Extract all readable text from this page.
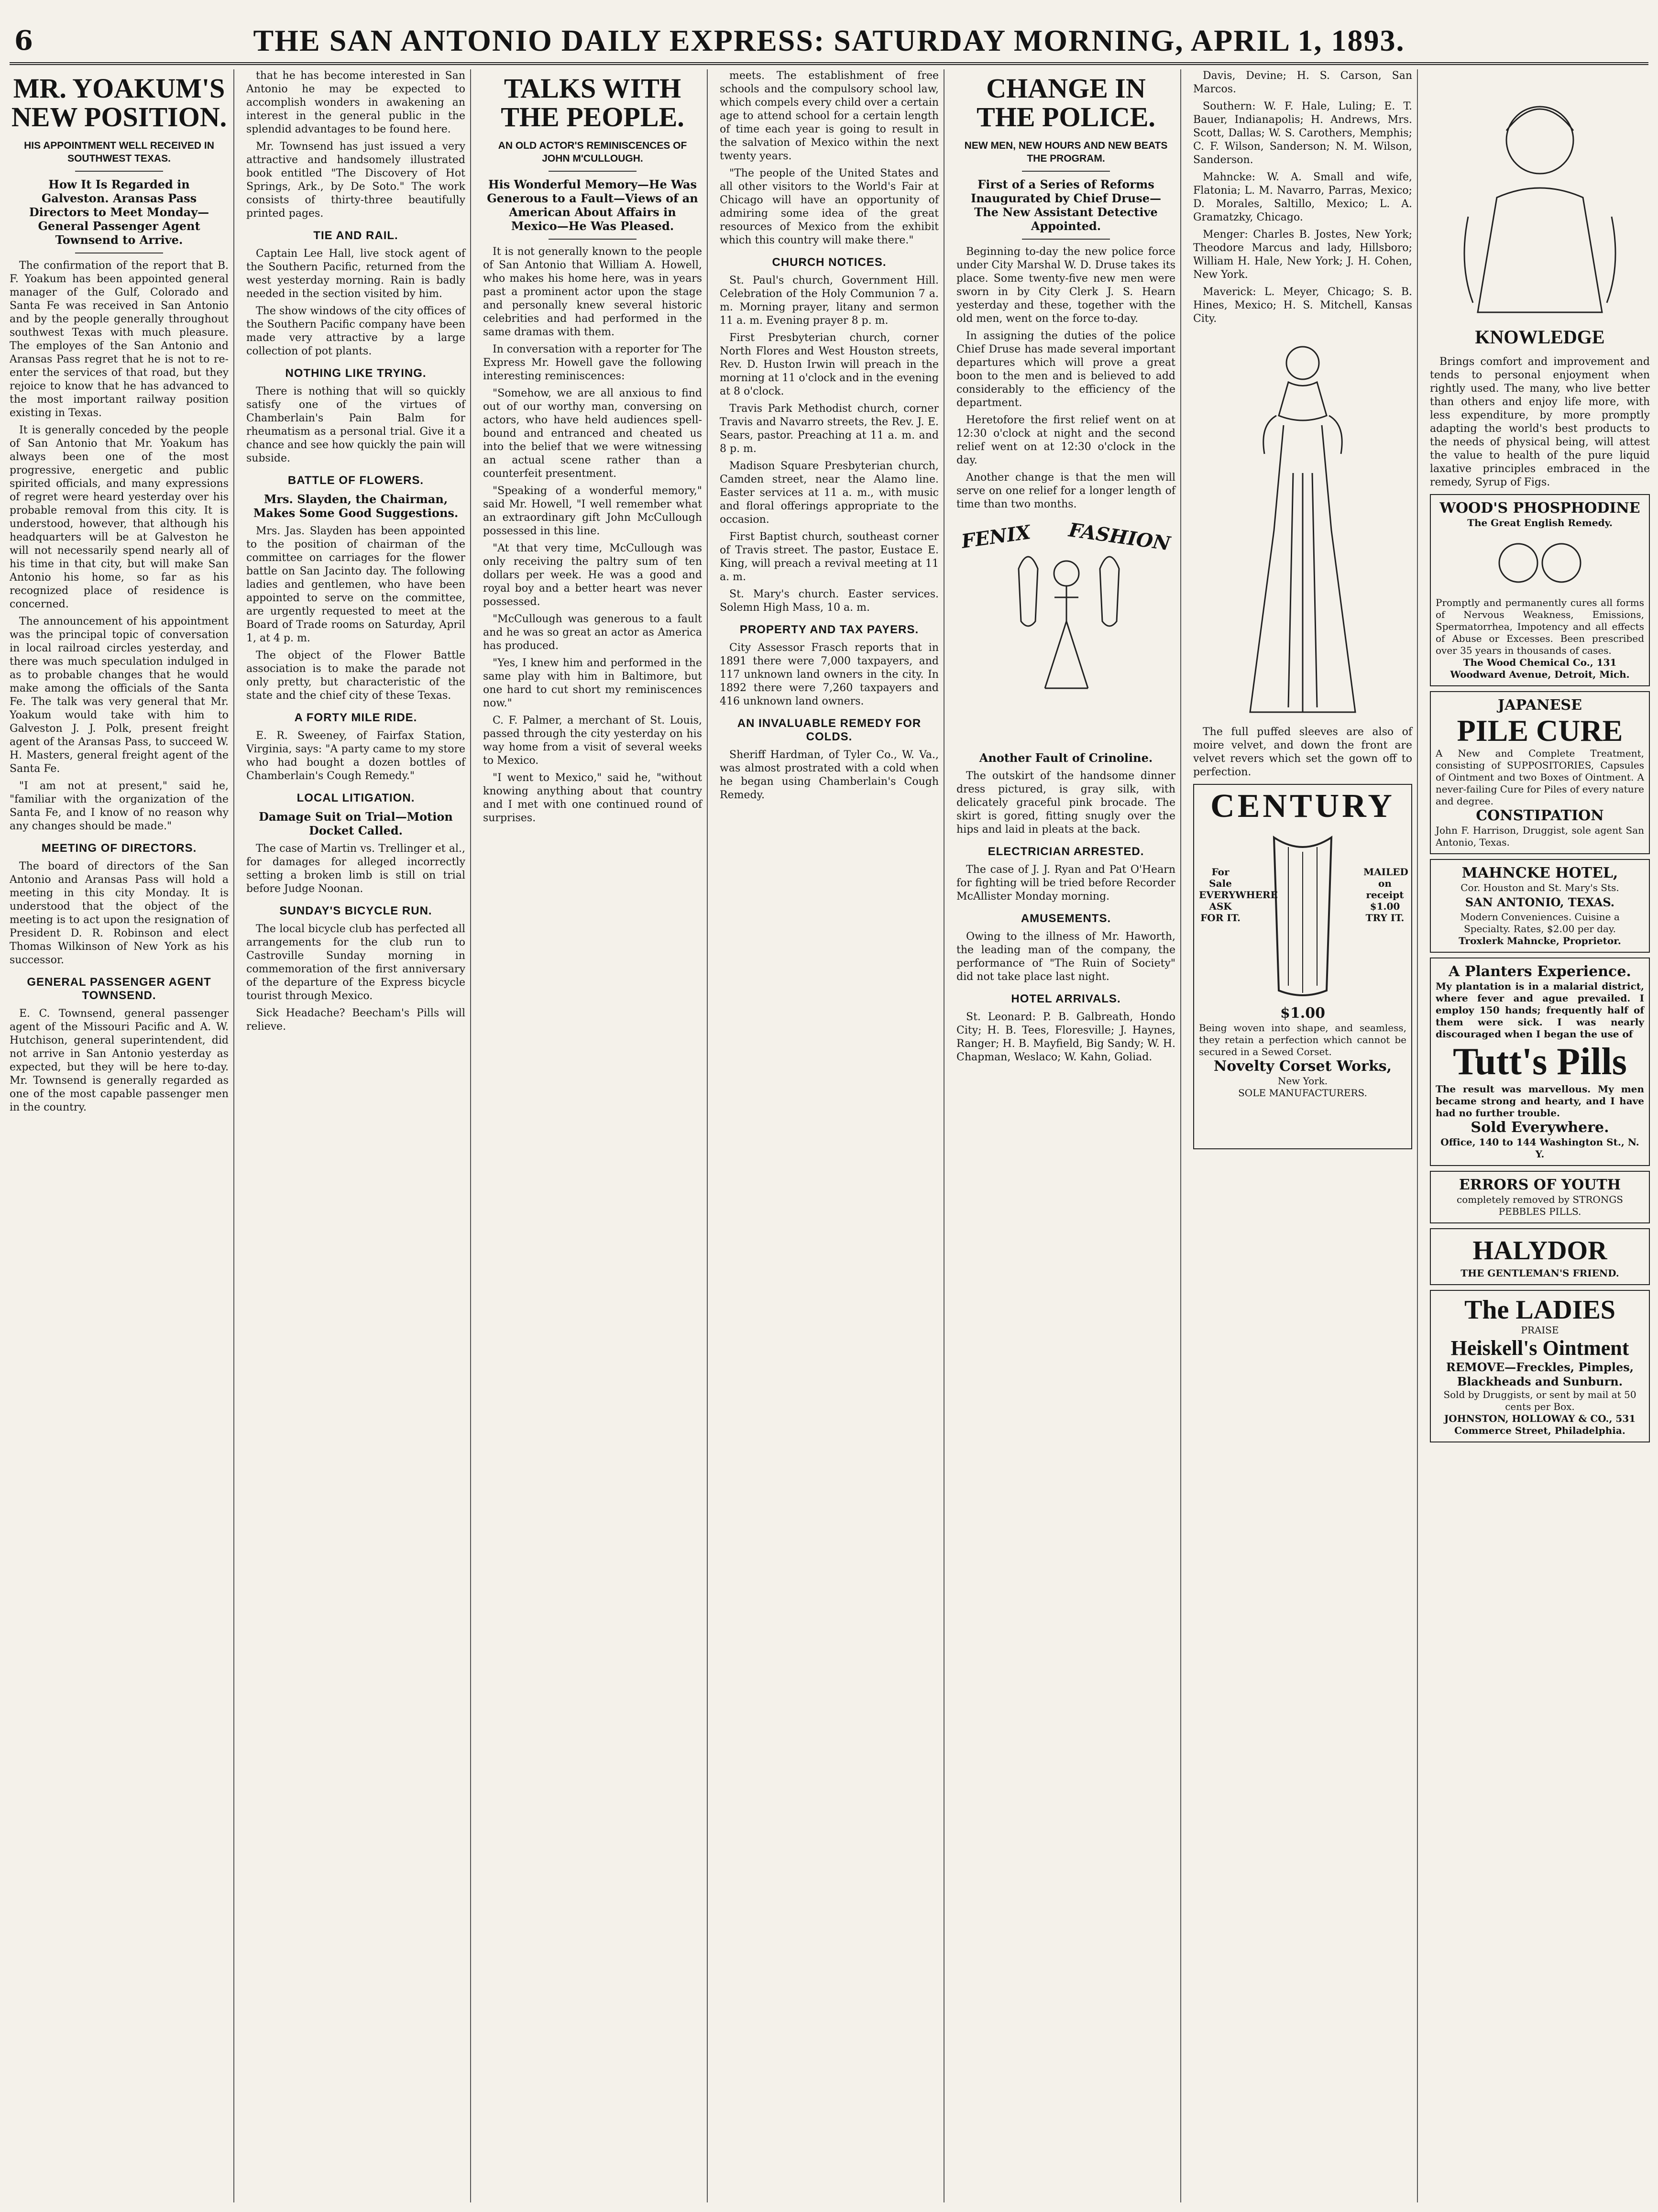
6	THE SAN ANTONIO DAILY EXPRESS: SATURDAY MORNING, APRIL 1, 1893.
MR. YOAKUM'S NEW POSITION.
HIS APPOINTMENT WELL RECEIVED IN SOUTHWEST TEXAS.
How It Is Regarded in Galveston. Aransas Pass Directors to Meet Monday—General Passenger Agent Townsend to Arrive.

The confirmation of the report that B. F. Yoakum has been appointed general manager of the Gulf, Colorado and Santa Fe was received in San Antonio and by the people generally throughout southwest Texas with much pleasure. The employes of the San Antonio and Aransas Pass regret that he is not to re-enter the services of that road, but they rejoice to know that he has advanced to the most important railway position existing in Texas.

It is generally conceded by the people of San Antonio that Mr. Yoakum has always been one of the most progressive, energetic and public spirited officials, and many expressions of regret were heard yesterday over his probable removal from this city. It is understood, however, that although his headquarters will be at Galveston he will not necessarily spend nearly all of his time in that city, but will make San Antonio his home, so far as his recognized place of residence is concerned.

The announcement of his appointment was the principal topic of conversation in local railroad circles yesterday, and there was much speculation indulged in as to probable changes that he would make among the officials of the Santa Fe. The talk was very general that Mr. Yoakum would take with him to Galveston J. J. Polk, present freight agent of the Aransas Pass, to succeed W. H. Masters, general freight agent of the Santa Fe.

"I am not at present," said he, "familiar with the organization of the Santa Fe, and I know of no reason why any changes should be made."

MEETING OF DIRECTORS.

The board of directors of the San Antonio and Aransas Pass will hold a meeting in this city Monday. It is understood that the object of the meeting is to act upon the resignation of President D. R. Robinson and elect Thomas Wilkinson of New York as his successor.

GENERAL PASSENGER AGENT TOWNSEND.

E. C. Townsend, general passenger agent of the Missouri Pacific and A. W. Hutchison, general superintendent, did not arrive in San Antonio yesterday as expected, but they will be here to-day. Mr. Townsend is generally regarded as one of the most capable passenger men in the country.

that he has become interested in San Antonio he may be expected to accomplish wonders in awakening an interest in the general public in the splendid advantages to be found here.

Mr. Townsend has just issued a very attractive and handsomely illustrated book entitled "The Discovery of Hot Springs, Ark., by De Soto." The work consists of thirty-three beautifully printed pages.

TIE AND RAIL.

Captain Lee Hall, live stock agent of the Southern Pacific, returned from the west yesterday morning. Rain is badly needed in the section visited by him.

The show windows of the city offices of the Southern Pacific company have been made very attractive by a large collection of pot plants.

NOTHING LIKE TRYING.

There is nothing that will so quickly satisfy one of the virtues of Chamberlain's Pain Balm for rheumatism as a personal trial. Give it a chance and see how quickly the pain will subside.

BATTLE OF FLOWERS.
Mrs. Slayden, the Chairman, Makes Some Good Suggestions.

Mrs. Jas. Slayden has been appointed to the position of chairman of the committee on carriages for the flower battle on San Jacinto day. The following ladies and gentlemen, who have been appointed to serve on the committee, are urgently requested to meet at the Board of Trade rooms on Saturday, April 1, at 4 p. m.

The object of the Flower Battle association is to make the parade not only pretty, but characteristic of the state and the chief city of these Texas.

A FORTY MILE RIDE.

E. R. Sweeney, of Fairfax Station, Virginia, says: "A party came to my store who had bought a dozen bottles of Chamberlain's Cough Remedy."

LOCAL LITIGATION.
Damage Suit on Trial—Motion Docket Called.

The case of Martin vs. Trellinger et al., for damages for alleged incorrectly setting a broken limb is still on trial before Judge Noonan.

SUNDAY'S BICYCLE RUN.

The local bicycle club has perfected all arrangements for the club run to Castroville Sunday morning in commemoration of the first anniversary of the departure of the Express bicycle tourist through Mexico.

Sick Headache? Beecham's Pills will relieve.

TALKS WITH THE PEOPLE.
AN OLD ACTOR'S REMINISCENCES OF JOHN M'CULLOUGH.
His Wonderful Memory—He Was Generous to a Fault—Views of an American About Affairs in Mexico—He Was Pleased.

It is not generally known to the people of San Antonio that William A. Howell, who makes his home here, was in years past a prominent actor upon the stage and personally knew several historic celebrities and had performed in the same dramas with them.

In conversation with a reporter for The Express Mr. Howell gave the following interesting reminiscences:

"Somehow, we are all anxious to find out of our worthy man, conversing on actors, who have held audiences spell-bound and entranced and cheated us into the belief that we were witnessing an actual scene rather than a counterfeit presentment.

"Speaking of a wonderful memory," said Mr. Howell, "I well remember what an extraordinary gift John McCullough possessed in this line.

"At that very time, McCullough was only receiving the paltry sum of ten dollars per week. He was a good and royal boy and a better heart was never possessed.

"McCullough was generous to a fault and he was so great an actor as America has produced.

"Yes, I knew him and performed in the same play with him in Baltimore, but one hard to cut short my reminiscences now."

C. F. Palmer, a merchant of St. Louis, passed through the city yesterday on his way home from a visit of several weeks to Mexico.

"I went to Mexico," said he, "without knowing anything about that country and I met with one continued round of surprises.

meets. The establishment of free schools and the compulsory school law, which compels every child over a certain age to attend school for a certain length of time each year is going to result in the salvation of Mexico within the next twenty years.

"The people of the United States and all other visitors to the World's Fair at Chicago will have an opportunity of admiring some idea of the great resources of Mexico from the exhibit which this country will make there."

CHURCH NOTICES.

St. Paul's church, Government Hill. Celebration of the Holy Communion 7 a. m. Morning prayer, litany and sermon 11 a. m. Evening prayer 8 p. m.

First Presbyterian church, corner North Flores and West Houston streets, Rev. D. Huston Irwin will preach in the morning at 11 o'clock and in the evening at 8 o'clock.

Travis Park Methodist church, corner Travis and Navarro streets, the Rev. J. E. Sears, pastor. Preaching at 11 a. m. and 8 p. m.

Madison Square Presbyterian church, Camden street, near the Alamo line. Easter services at 11 a. m., with music and floral offerings appropriate to the occasion.

First Baptist church, southeast corner of Travis street. The pastor, Eustace E. King, will preach a revival meeting at 11 a. m.

St. Mary's church. Easter services. Solemn High Mass, 10 a. m.

PROPERTY AND TAX PAYERS.

City Assessor Frasch reports that in 1891 there were 7,000 taxpayers, and 117 unknown land owners in the city. In 1892 there were 7,260 taxpayers and 416 unknown land owners.

AN INVALUABLE REMEDY FOR COLDS.

Sheriff Hardman, of Tyler Co., W. Va., was almost prostrated with a cold when he began using Chamberlain's Cough Remedy.

CHANGE IN THE POLICE.
NEW MEN, NEW HOURS AND NEW BEATS THE PROGRAM.
First of a Series of Reforms Inaugurated by Chief Druse—The New Assistant Detective Appointed.

Beginning to-day the new police force under City Marshal W. D. Druse takes its place. Some twenty-five new men were sworn in by City Clerk J. S. Hearn yesterday and these, together with the old men, went on the force to-day.

In assigning the duties of the police Chief Druse has made several important departures which will prove a great boon to the men and is believed to add considerably to the efficiency of the department.

Heretofore the first relief went on at 12:30 o'clock at night and the second relief went on at 12:30 o'clock in the day.

Another change is that the men will serve on one relief for a longer length of time than two months.

FENIX FASHION
Another Fault of Crinoline.

The outskirt of the handsome dinner dress pictured, is gray silk, with delicately graceful pink brocade. The skirt is gored, fitting snugly over the hips and laid in pleats at the back.

ELECTRICIAN ARRESTED.

The case of J. J. Ryan and Pat O'Hearn for fighting will be tried before Recorder McAllister Monday morning.

AMUSEMENTS.

Owing to the illness of Mr. Haworth, the leading man of the company, the performance of "The Ruin of Society" did not take place last night.

HOTEL ARRIVALS.

St. Leonard: P. B. Galbreath, Hondo City; H. B. Tees, Floresville; J. Haynes, Ranger; H. B. Mayfield, Big Sandy; W. H. Chapman, Weslaco; W. Kahn, Goliad.

Davis, Devine; H. S. Carson, San Marcos.

Southern: W. F. Hale, Luling; E. T. Bauer, Indianapolis; H. Andrews, Mrs. Scott, Dallas; W. S. Carothers, Memphis; C. F. Wilson, Sanderson; N. M. Wilson, Sanderson.

Mahncke: W. A. Small and wife, Flatonia; L. M. Navarro, Parras, Mexico; D. Morales, Saltillo, Mexico; L. A. Gramatzky, Chicago.

Menger: Charles B. Jostes, New York; Theodore Marcus and lady, Hillsboro; William H. Hale, New York; J. H. Cohen, New York.

Maverick: L. Meyer, Chicago; S. B. Hines, Mexico; H. S. Mitchell, Kansas City.

The full puffed sleeves are also of moire velvet, and down the front are velvet revers which set the gown off to perfection.

CENTURY
For Sale EVERYWHERE ASK FOR IT.
MAILED on receipt $1.00 TRY IT.
$1.00
Being woven into shape, and seamless, they retain a perfection which cannot be secured in a Sewed Corset.
Novelty Corset Works,
New York.
SOLE MANUFACTURERS.
KNOWLEDGE

Brings comfort and improvement and tends to personal enjoyment when rightly used. The many, who live better than others and enjoy life more, with less expenditure, by more promptly adapting the world's best products to the needs of physical being, will attest the value to health of the pure liquid laxative principles embraced in the remedy, Syrup of Figs.

WOOD'S PHOSPHODINE
The Great English Remedy.
Promptly and permanently cures all forms of Nervous Weakness, Emissions, Spermatorrhea, Impotency and all effects of Abuse or Excesses. Been prescribed over 35 years in thousands of cases.
The Wood Chemical Co., 131 Woodward Avenue, Detroit, Mich.
JAPANESE
PILE CURE
A New and Complete Treatment, consisting of SUPPOSITORIES, Capsules of Ointment and two Boxes of Ointment. A never-failing Cure for Piles of every nature and degree.
CONSTIPATION
John F. Harrison, Druggist, sole agent San Antonio, Texas.
MAHNCKE HOTEL,
Cor. Houston and St. Mary's Sts.
SAN ANTONIO, TEXAS.
Modern Conveniences. Cuisine a Specialty. Rates, $2.00 per day.
Troxlerk Mahncke, Proprietor.
A Planters Experience.
My plantation is in a malarial district, where fever and ague prevailed. I employ 150 hands; frequently half of them were sick. I was nearly discouraged when I began the use of
Tutt's Pills
The result was marvellous. My men became strong and hearty, and I have had no further trouble.
Sold Everywhere.
Office, 140 to 144 Washington St., N. Y.
ERRORS OF YOUTH
completely removed by STRONGS PEBBLES PILLS.
HALYDOR
THE GENTLEMAN'S FRIEND.
The LADIES
PRAISE
Heiskell's Ointment
REMOVE—Freckles, Pimples, Blackheads and Sunburn.
Sold by Druggists, or sent by mail at 50 cents per Box.
JOHNSTON, HOLLOWAY & CO., 531 Commerce Street, Philadelphia.
